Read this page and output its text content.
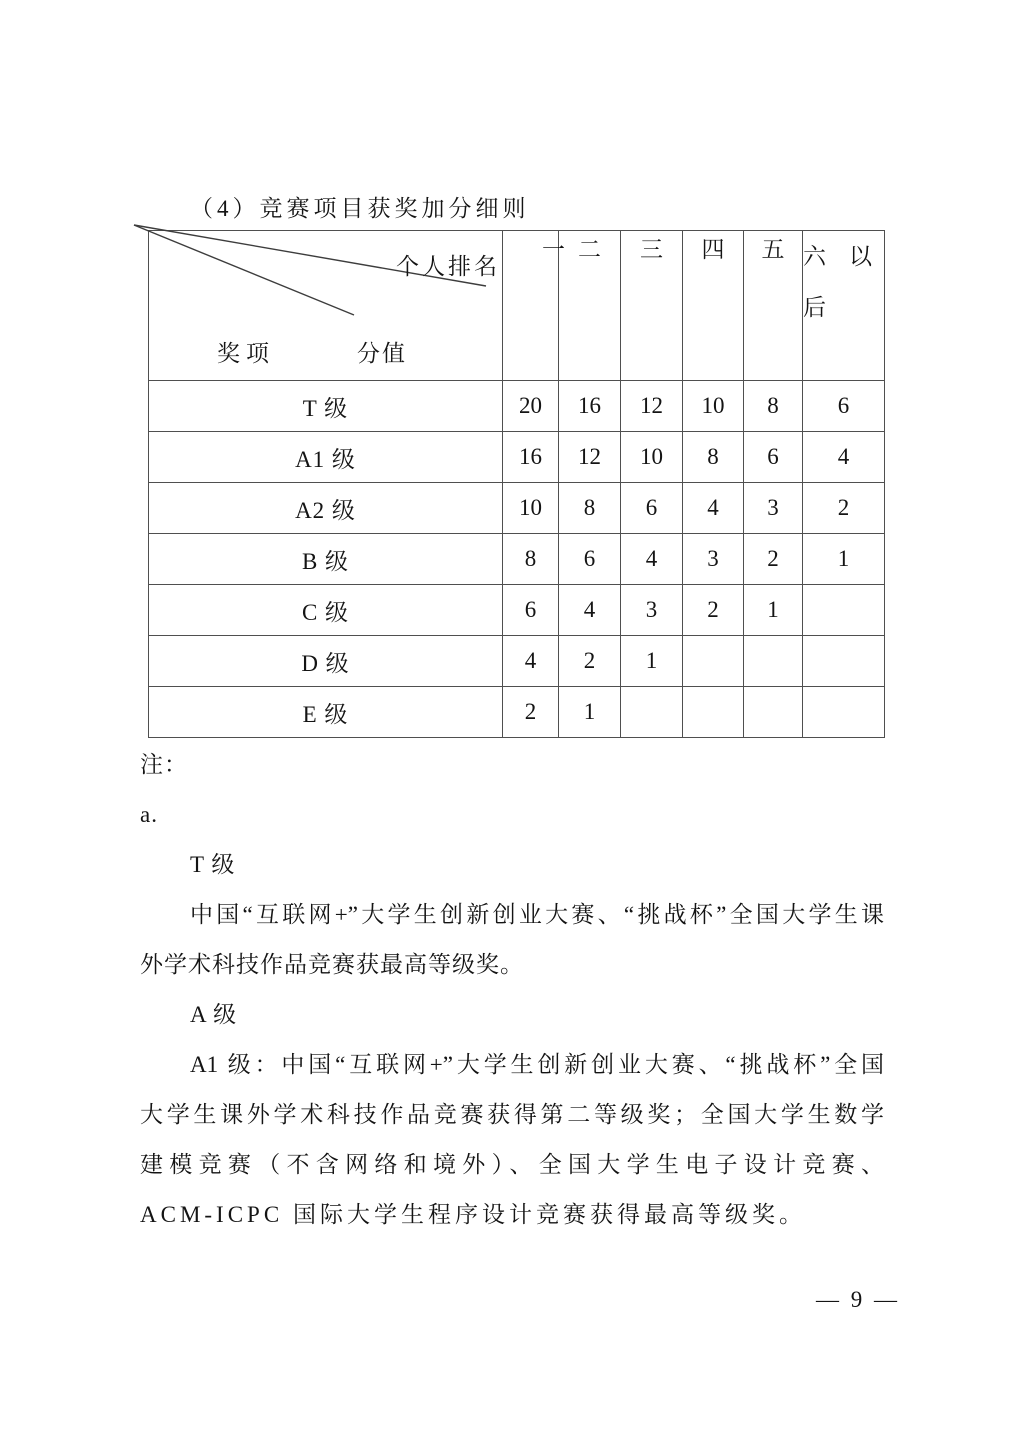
（4）竞赛项目获奖加分细则
个人排名
奖项	分值
	一	二	三	四	五	六　以
后

T 级	20	16	12	10	8	6
A1 级	16	12	10	8	6	4
A2 级	10	8	6	4	3	2
B 级	8	6	4	3	2	1
C 级	6	4	3	2	1	
D 级	4	2	1			
E 级	2	1				
注：
a.
T 级
中国“互联网+”大学生创新创业大赛、“挑战杯”全国大学生课
外学术科技作品竞赛获最高等级奖。
A 级
A1 级：中国“互联网+”大学生创新创业大赛、“挑战杯”全国
大学生课外学术科技作品竞赛获得第二等级奖；全国大学生数学
建模竞赛（不含网络和境外）、全国大学生电子设计竞赛、
ACM-ICPC 国际大学生程序设计竞赛获得最高等级奖。
— 9 —
